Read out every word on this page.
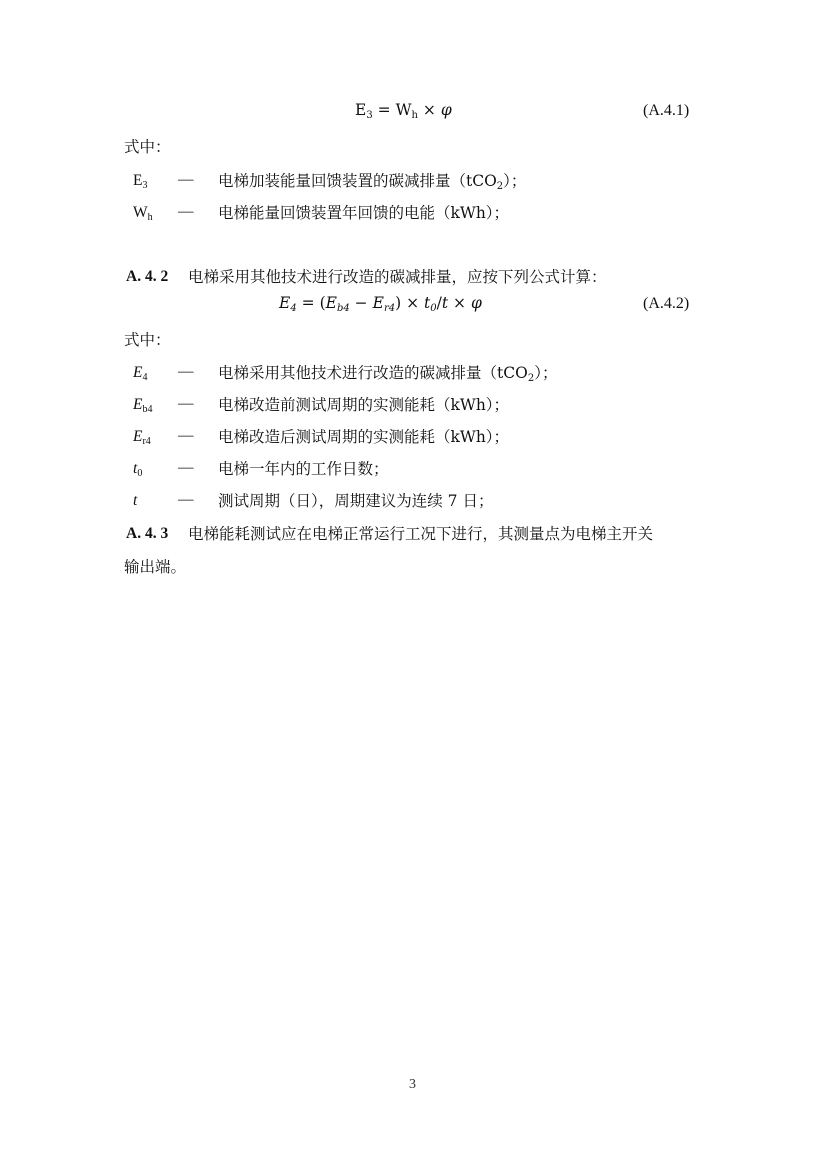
$E_3 = W_h \times \varphi$	(A.4.1)
式中：
$E_3$ — 电梯加装能量回馈装置的碳减排量（tCO$_2$）；
$W_h$ — 电梯能量回馈装置年回馈的电能（kWh）；
A. 4. 2 电梯采用其他技术进行改造的碳减排量，应按下列公式计算：
$E_4 = (E_{b4} - E_{r4}) \times t_0/t \times \varphi$	(A.4.2)
式中：
$E_4$ — 电梯采用其他技术进行改造的碳减排量（tCO$_2$）；
$E_{b4}$ — 电梯改造前测试周期的实测能耗（kWh）；
$E_{r4}$ — 电梯改造后测试周期的实测能耗（kWh）；
$t_0$ — 电梯一年内的工作日数；
t	— 测试周期（日），周期建议为连续 7 日；
A. 4. 3 电梯能耗测试应在电梯正常运行工况下进行，其测量点为电梯主开关
输出端。
3
